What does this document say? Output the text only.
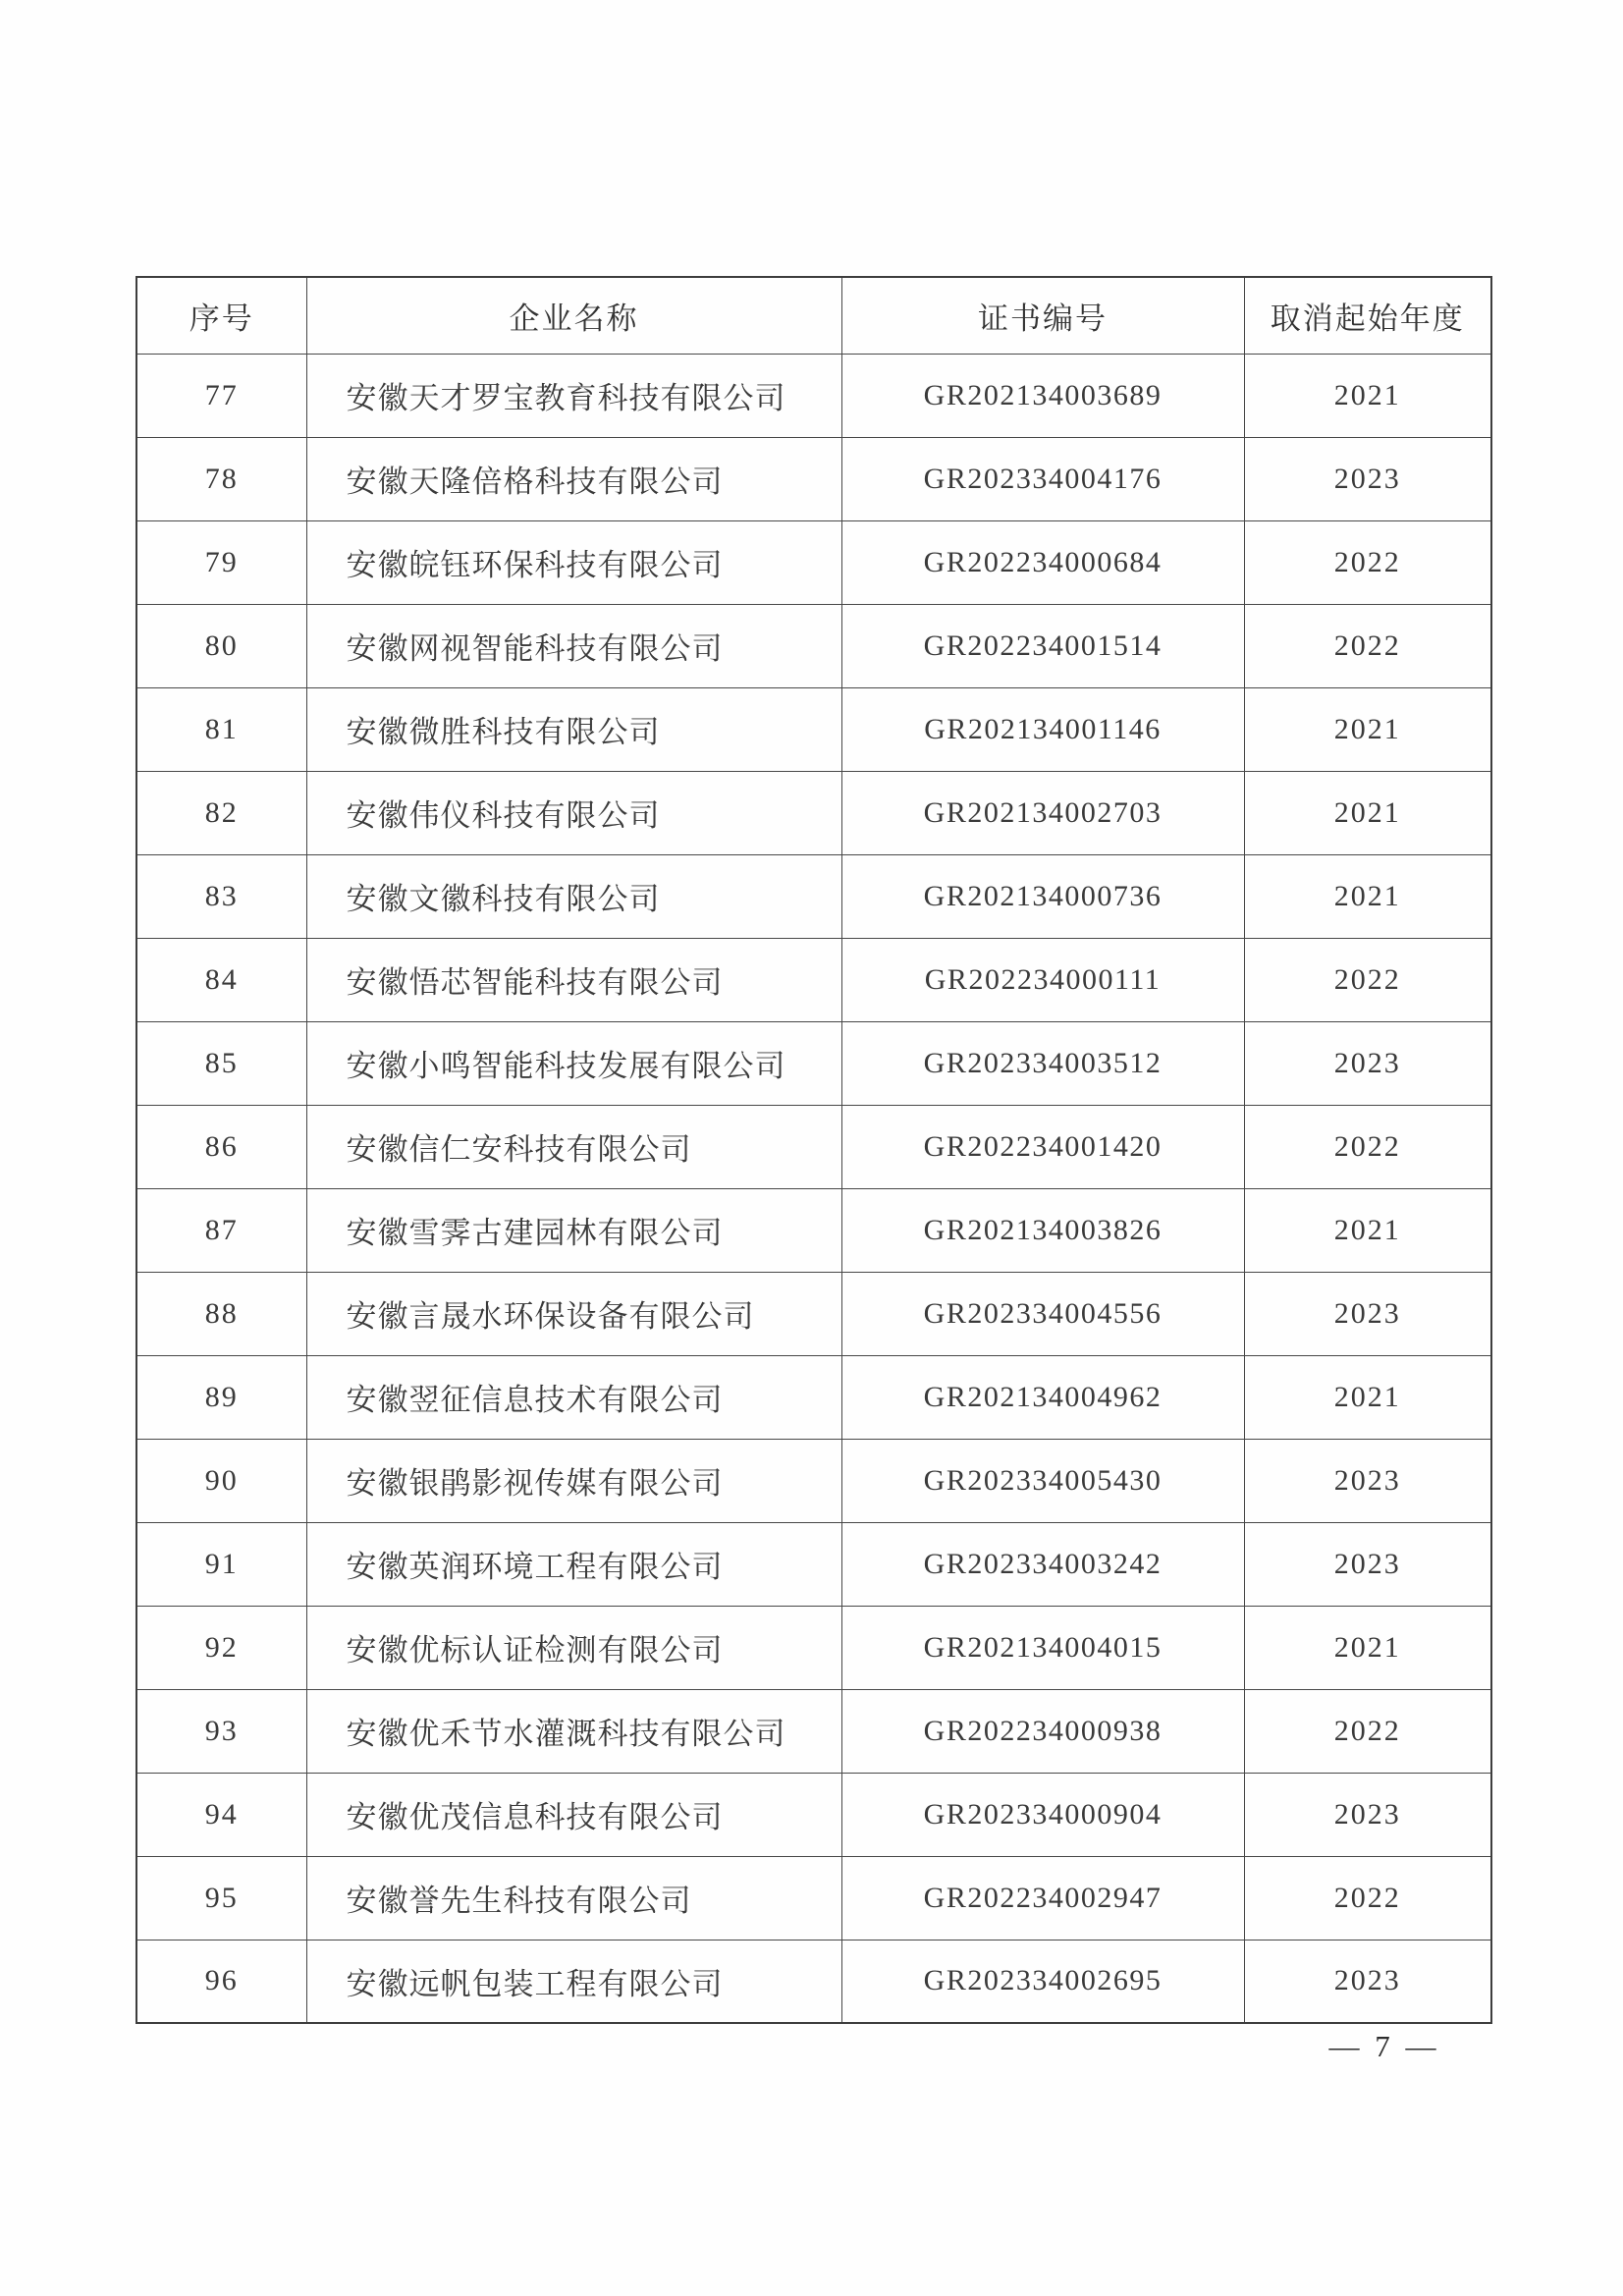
序号	企业名称	证书编号	取消起始年度
77	安徽天才罗宝教育科技有限公司	GR202134003689	2021
78	安徽天隆倍格科技有限公司	GR202334004176	2023
79	安徽皖钰环保科技有限公司	GR202234000684	2022
80	安徽网视智能科技有限公司	GR202234001514	2022
81	安徽微胜科技有限公司	GR202134001146	2021
82	安徽伟仪科技有限公司	GR202134002703	2021
83	安徽文徽科技有限公司	GR202134000736	2021
84	安徽悟芯智能科技有限公司	GR202234000111	2022
85	安徽小鸣智能科技发展有限公司	GR202334003512	2023
86	安徽信仁安科技有限公司	GR202234001420	2022
87	安徽雪霁古建园林有限公司	GR202134003826	2021
88	安徽言晟水环保设备有限公司	GR202334004556	2023
89	安徽翌征信息技术有限公司	GR202134004962	2021
90	安徽银鹃影视传媒有限公司	GR202334005430	2023
91	安徽英润环境工程有限公司	GR202334003242	2023
92	安徽优标认证检测有限公司	GR202134004015	2021
93	安徽优禾节水灌溉科技有限公司	GR202234000938	2022
94	安徽优茂信息科技有限公司	GR202334000904	2023
95	安徽誉先生科技有限公司	GR202234002947	2022
96	安徽远帆包装工程有限公司	GR202334002695	2023
— 7 —
